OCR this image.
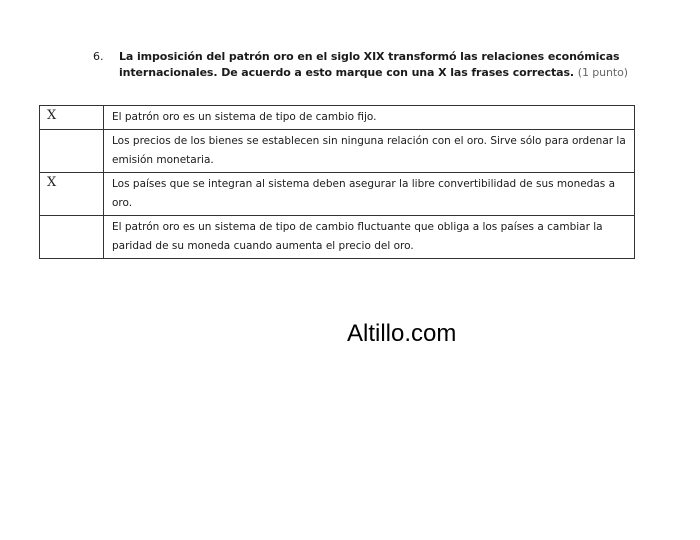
6. La imposición del patrón oro en el siglo XIX transformó las relaciones económicas internacionales. De acuerdo a esto marque con una X las frases correctas. (1 punto)
X	El patrón oro es un sistema de tipo de cambio fijo.
	Los precios de los bienes se establecen sin ninguna relación con el oro. Sirve sólo para ordenar la emisión monetaria.
X	Los países que se integran al sistema deben asegurar la libre convertibilidad de sus monedas a oro.
	El patrón oro es un sistema de tipo de cambio fluctuante que obliga a los países a cambiar la paridad de su moneda cuando aumenta el precio del oro.
Altillo.com
